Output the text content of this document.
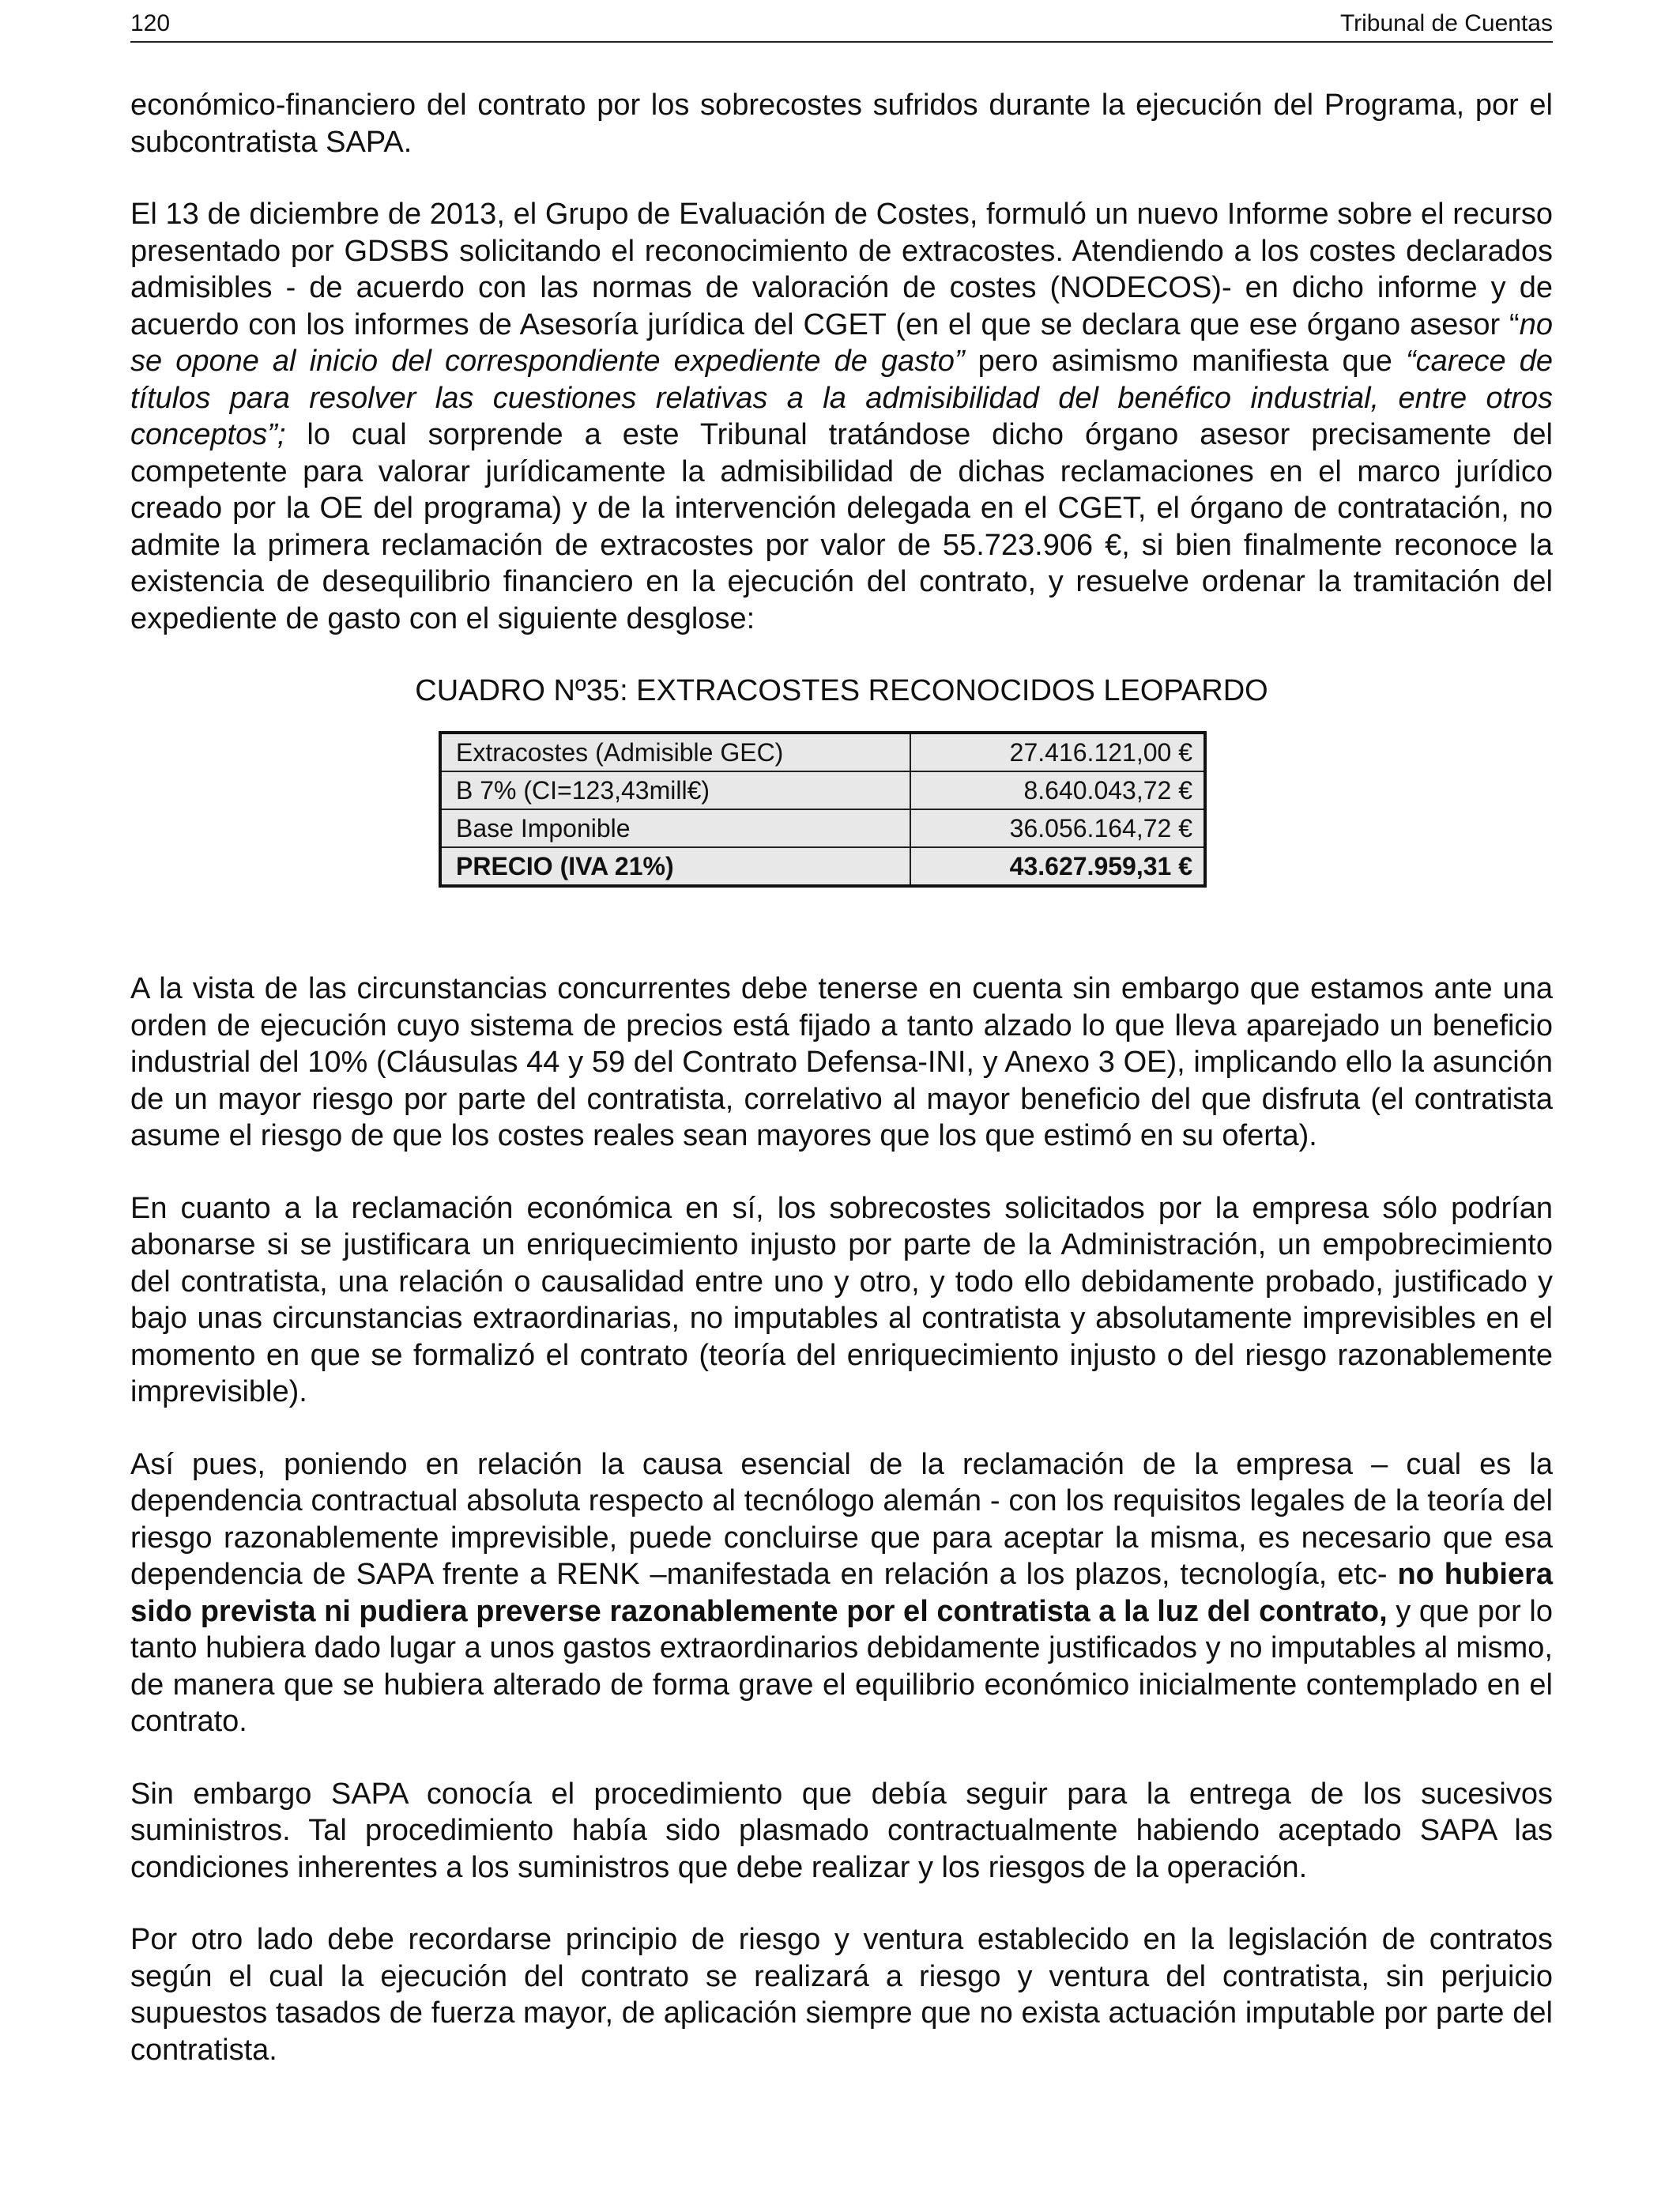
120	Tribunal de Cuentas

económico-financiero del contrato por los sobrecostes sufridos durante la ejecución del Programa, por el subcontratista SAPA.

El 13 de diciembre de 2013, el Grupo de Evaluación de Costes, formuló un nuevo Informe sobre el recurso presentado por GDSBS solicitando el reconocimiento de extracostes. Atendiendo a los costes declarados admisibles - de acuerdo con las normas de valoración de costes (NODECOS)- en dicho informe y de acuerdo con los informes de Asesoría jurídica del CGET (en el que se declara que ese órgano asesor “no se opone al inicio del correspondiente expediente de gasto” pero asimismo manifiesta que “carece de títulos para resolver las cuestiones relativas a la admisibilidad del benéfico industrial, entre otros conceptos”; lo cual sorprende a este Tribunal tratándose dicho órgano asesor precisamente del competente para valorar jurídicamente la admisibilidad de dichas reclamaciones en el marco jurídico creado por la OE del programa) y de la intervención delegada en el CGET, el órgano de contratación, no admite la primera reclamación de extracostes por valor de 55.723.906 €, si bien finalmente reconoce la existencia de desequilibrio financiero en la ejecución del contrato, y resuelve ordenar la tramitación del expediente de gasto con el siguiente desglose:

CUADRO Nº35: EXTRACOSTES RECONOCIDOS LEOPARDO
Extracostes (Admisible GEC)	27.416.121,00 €
B 7% (CI=123,43mill€)	8.640.043,72 €
Base Imponible	36.056.164,72 €
PRECIO (IVA 21%)	43.627.959,31 €

A la vista de las circunstancias concurrentes debe tenerse en cuenta sin embargo que estamos ante una orden de ejecución cuyo sistema de precios está fijado a tanto alzado lo que lleva aparejado un beneficio industrial del 10% (Cláusulas 44 y 59 del Contrato Defensa-INI, y Anexo 3 OE), implicando ello la asunción de un mayor riesgo por parte del contratista, correlativo al mayor beneficio del que disfruta (el contratista asume el riesgo de que los costes reales sean mayores que los que estimó en su oferta).

En cuanto a la reclamación económica en sí, los sobrecostes solicitados por la empresa sólo podrían abonarse si se justificara un enriquecimiento injusto por parte de la Administración, un empobrecimiento del contratista, una relación o causalidad entre uno y otro, y todo ello debidamente probado, justificado y bajo unas circunstancias extraordinarias, no imputables al contratista y absolutamente imprevisibles en el momento en que se formalizó el contrato (teoría del enriquecimiento injusto o del riesgo razonablemente imprevisible).

Así pues, poniendo en relación la causa esencial de la reclamación de la empresa – cual es la dependencia contractual absoluta respecto al tecnólogo alemán - con los requisitos legales de la teoría del riesgo razonablemente imprevisible, puede concluirse que para aceptar la misma, es necesario que esa dependencia de SAPA frente a RENK –manifestada en relación a los plazos, tecnología, etc- no hubiera sido prevista ni pudiera preverse razonablemente por el contratista a la luz del contrato, y que por lo tanto hubiera dado lugar a unos gastos extraordinarios debidamente justificados y no imputables al mismo, de manera que se hubiera alterado de forma grave el equilibrio económico inicialmente contemplado en el contrato.

Sin embargo SAPA conocía el procedimiento que debía seguir para la entrega de los sucesivos suministros. Tal procedimiento había sido plasmado contractualmente habiendo aceptado SAPA las condiciones inherentes a los suministros que debe realizar y los riesgos de la operación.

Por otro lado debe recordarse principio de riesgo y ventura establecido en la legislación de contratos según el cual la ejecución del contrato se realizará a riesgo y ventura del contratista, sin perjuicio supuestos tasados de fuerza mayor, de aplicación siempre que no exista actuación imputable por parte del contratista.
